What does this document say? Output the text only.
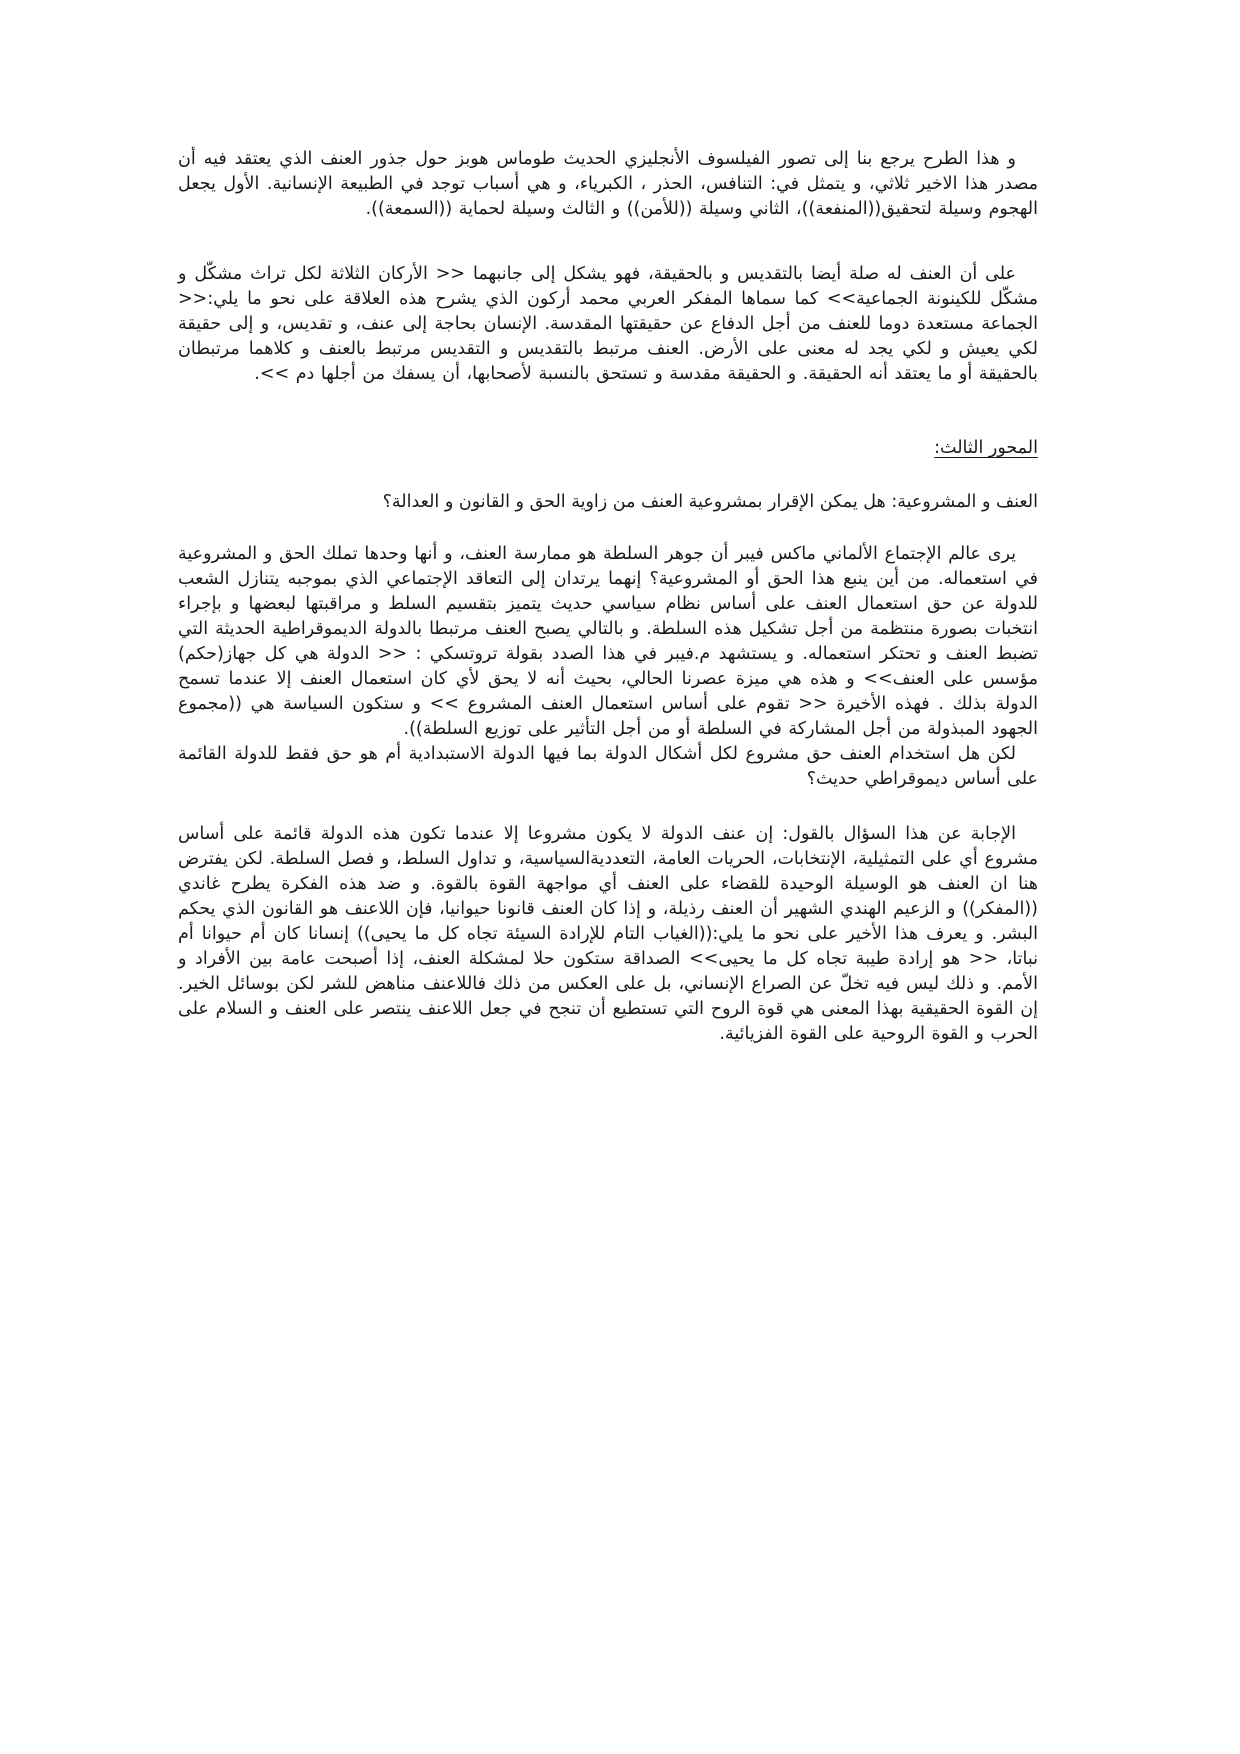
و هذا الطرح يرجع بنا إلى تصور الفيلسوف الأنجليزي الحديث طوماس هوبز حول جذور العنف الذي يعتقد فيه أن مصدر هذا الاخير ثلاثي، و يتمثل في: التنافس، الحذر ، الكبرياء، و هي أسباب توجد في الطبيعة الإنسانية. الأول يجعل الهجوم وسيلة لتحقيق((المنفعة))، الثاني وسيلة ((للأمن)) و الثالث وسيلة لحماية ((السمعة)).

على أن العنف له صلة أيضا بالتقديس و بالحقيقة، فهو يشكل إلى جانبهما << الأركان الثلاثة لكل تراث مشكّل و مشكّل للكينونة الجماعية>> كما سماها المفكر العربي محمد أركون الذي يشرح هذه العلاقة على نحو ما يلي:<< الجماعة مستعدة دوما للعنف من أجل الدفاع عن حقيقتها المقدسة. الإنسان بحاجة إلى عنف، و تقديس، و إلى حقيقة لكي يعيش و لكي يجد له معنى على الأرض. العنف مرتبط بالتقديس و التقديس مرتبط بالعنف و كلاهما مرتبطان بالحقيقة أو ما يعتقد أنه الحقيقة. و الحقيقة مقدسة و تستحق بالنسبة لأصحابها، أن يسفك من أجلها دم >>.

المحور الثالث:

العنف و المشروعية: هل يمكن الإقرار بمشروعية العنف من زاوية الحق و القانون و العدالة؟

يرى عالم الإجتماع الألماني ماكس فيبر أن جوهر السلطة هو ممارسة العنف، و أنها وحدها تملك الحق و المشروعية في استعماله. من أين ينبع هذا الحق أو المشروعية؟ إنهما يرتدان إلى التعاقد الإجتماعي الذي بموجبه يتنازل الشعب للدولة عن حق استعمال العنف على أساس نظام سياسي حديث يتميز بتقسيم السلط و مراقبتها لبعضها و بإجراء انتخبات بصورة منتظمة من أجل تشكيل هذه السلطة. و بالتالي يصبح العنف مرتبطا بالدولة الديموقراطية الحديثة التي تضبط العنف و تحتكر استعماله. و يستشهد م.فيبر في هذا الصدد بقولة تروتسكي : << الدولة هي كل جهاز(حكم) مؤسس على العنف>> و هذه هي ميزة عصرنا الحالي، بحيث أنه لا يحق لأي كان استعمال العنف إلا عندما تسمح الدولة بذلك . فهذه الأخيرة << تقوم على أساس استعمال العنف المشروع >> و ستكون السياسة هي ((مجموع الجهود المبذولة من أجل المشاركة في السلطة أو من أجل التأثير على توزيع السلطة)).

لكن هل استخدام العنف حق مشروع لكل أشكال الدولة بما فيها الدولة الاستبدادية أم هو حق فقط للدولة القائمة على أساس ديموقراطي حديث؟

الإجابة عن هذا السؤال بالقول: إن عنف الدولة لا يكون مشروعا إلا عندما تكون هذه الدولة قائمة على أساس مشروع أي على التمثيلية، الإنتخابات، الحريات العامة، التعدديةالسياسية، و تداول السلط، و فصل السلطة. لكن يفترض هنا ان العنف هو الوسيلة الوحيدة للقضاء على العنف أي مواجهة القوة بالقوة. و ضد هذه الفكرة يطرح غاندي ((المفكر)) و الزعيم الهندي الشهير أن العنف رذيلة، و إذا كان العنف قانونا حيوانيا، فإن اللاعنف هو القانون الذي يحكم البشر. و يعرف هذا الأخير على نحو ما يلي:((الغياب التام للإرادة السيئة تجاه كل ما يحيى)) إنسانا كان أم حيوانا أم نباتا، << هو إرادة طيبة تجاه كل ما يحيى>> الصداقة ستكون حلا لمشكلة العنف، إذا أصبحت عامة بين الأفراد و الأمم. و ذلك ليس فيه تخلّ عن الصراع الإنساني، بل على العكس من ذلك فاللاعنف مناهض للشر لكن بوسائل الخير. إن القوة الحقيقية بهذا المعنى هي قوة الروح التي تستطيع أن تنجح في جعل اللاعنف ينتصر على العنف و السلام على الحرب و القوة الروحية على القوة الفزيائية.
